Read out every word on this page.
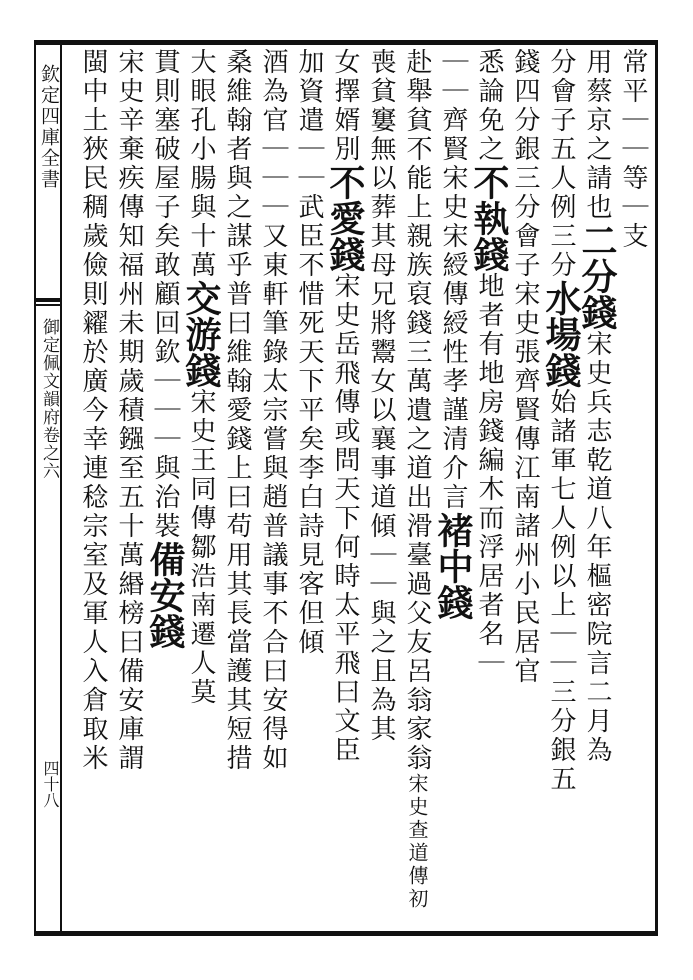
欽定四庫全書
御定佩文韻府卷之六
四十八
常平｜｜等｜支
用蔡京之請也二分錢宋史兵志乾道八年樞密院言二月為
分會子五人例三分水場錢始諸軍七人例以上｜｜三分銀五
錢四分銀三分會子宋史張齊賢傳江南諸州小民居官
悉論免之不執錢地者有地房錢編木而浮居者名｜
｜｜齊賢宋史宋綬傳綬性孝謹清介言褚中錢
赴舉貧不能上親族裒錢三萬遺之道出滑臺過父友呂翁家翁宋史查道傳初
喪貧窶無以葬其母兄將鬻女以襄事道傾｜｜與之且為其
女擇婿別不愛錢宋史岳飛傳或問天下何時太平飛曰文臣
加資遣｜｜武臣不惜死天下平矣李白詩見客但傾
酒為官｜｜｜又東軒筆錄太宗嘗與趙普議事不合曰安得如
桑維翰者與之謀乎普曰維翰愛錢上曰苟用其長當護其短措
大眼孔小腸與十萬交游錢宋史王同傳鄒浩南遷人莫
貫則塞破屋子矣敢顧回欽｜｜｜與治裝備安錢
宋史辛棄疾傳知福州未期歲積鏹至五十萬緡榜曰備安庫謂
閩中土狹民稠歲儉則糴於廣今幸連稔宗室及軍人入倉取米
